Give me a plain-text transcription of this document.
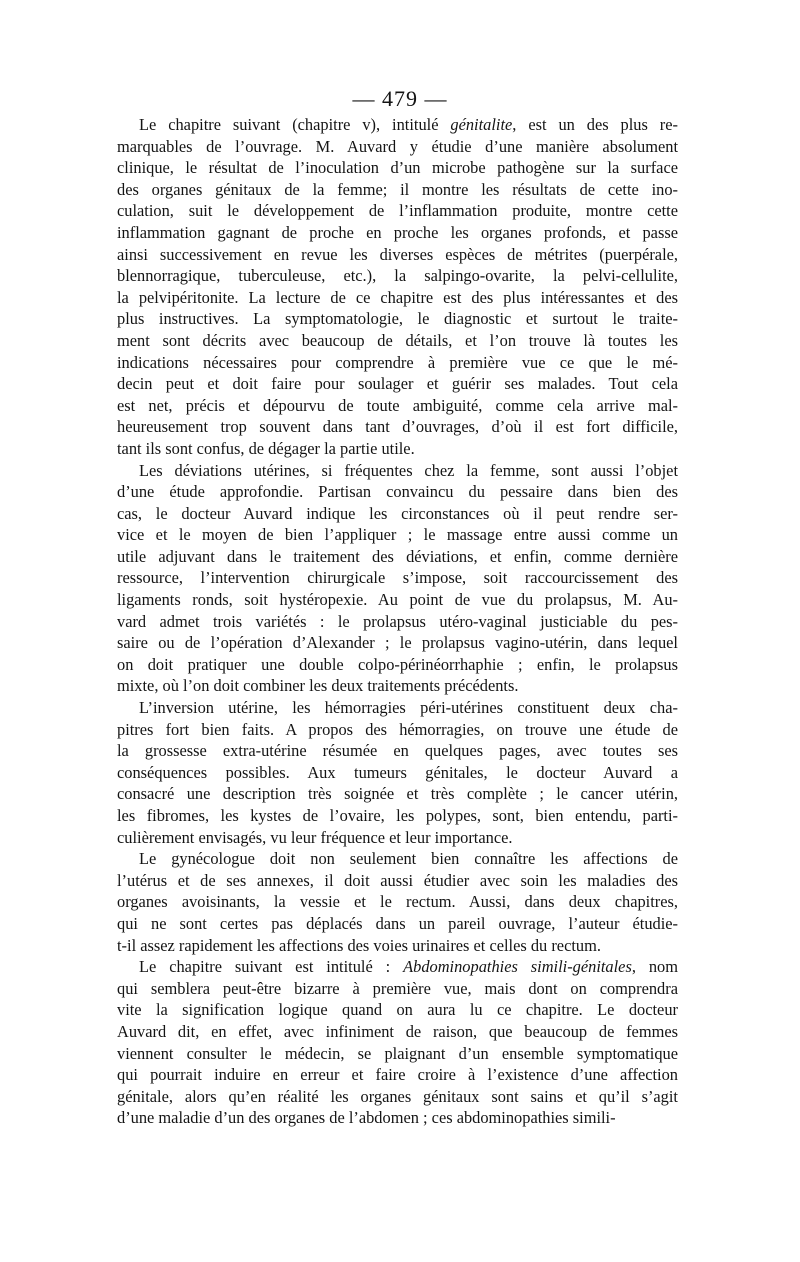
— 479 —
Le chapitre suivant (chapitre v), intitulé génitalite, est un des plus re-
marquables de l’ouvrage. M. Auvard y étudie d’une manière absolument
clinique, le résultat de l’inoculation d’un microbe pathogène sur la surface
des organes génitaux de la femme; il montre les résultats de cette ino-
culation, suit le développement de l’inflammation produite, montre cette
inflammation gagnant de proche en proche les organes profonds, et passe
ainsi successivement en revue les diverses espèces de métrites (puerpérale,
blennorragique, tuberculeuse, etc.), la salpingo-ovarite, la pelvi-cellulite,
la pelvipéritonite. La lecture de ce chapitre est des plus intéressantes et des
plus instructives. La symptomatologie, le diagnostic et surtout le traite-
ment sont décrits avec beaucoup de détails, et l’on trouve là toutes les
indications nécessaires pour comprendre à première vue ce que le mé-
decin peut et doit faire pour soulager et guérir ses malades. Tout cela
est net, précis et dépourvu de toute ambiguité, comme cela arrive mal-
heureusement trop souvent dans tant d’ouvrages, d’où il est fort difficile,
tant ils sont confus, de dégager la partie utile.
Les déviations utérines, si fréquentes chez la femme, sont aussi l’objet
d’une étude approfondie. Partisan convaincu du pessaire dans bien des
cas, le docteur Auvard indique les circonstances où il peut rendre ser-
vice et le moyen de bien l’appliquer ; le massage entre aussi comme un
utile adjuvant dans le traitement des déviations, et enfin, comme dernière
ressource, l’intervention chirurgicale s’impose, soit raccourcissement des
ligaments ronds, soit hystéropexie. Au point de vue du prolapsus, M. Au-
vard admet trois variétés : le prolapsus utéro-vaginal justiciable du pes-
saire ou de l’opération d’Alexander ; le prolapsus vagino-utérin, dans lequel
on doit pratiquer une double colpo-périnéorrhaphie ; enfin, le prolapsus
mixte, où l’on doit combiner les deux traitements précédents.
L’inversion utérine, les hémorragies péri-utérines constituent deux cha-
pitres fort bien faits. A propos des hémorragies, on trouve une étude de
la grossesse extra-utérine résumée en quelques pages, avec toutes ses
conséquences possibles. Aux tumeurs génitales, le docteur Auvard a
consacré une description très soignée et très complète ; le cancer utérin,
les fibromes, les kystes de l’ovaire, les polypes, sont, bien entendu, parti-
culièrement envisagés, vu leur fréquence et leur importance.
Le gynécologue doit non seulement bien connaître les affections de
l’utérus et de ses annexes, il doit aussi étudier avec soin les maladies des
organes avoisinants, la vessie et le rectum. Aussi, dans deux chapitres,
qui ne sont certes pas déplacés dans un pareil ouvrage, l’auteur étudie-
t-il assez rapidement les affections des voies urinaires et celles du rectum.
Le chapitre suivant est intitulé : Abdominopathies simili-génitales, nom
qui semblera peut-être bizarre à première vue, mais dont on comprendra
vite la signification logique quand on aura lu ce chapitre. Le docteur
Auvard dit, en effet, avec infiniment de raison, que beaucoup de femmes
viennent consulter le médecin, se plaignant d’un ensemble symptomatique
qui pourrait induire en erreur et faire croire à l’existence d’une affection
génitale, alors qu’en réalité les organes génitaux sont sains et qu’il s’agit
d’une maladie d’un des organes de l’abdomen ; ces abdominopathies simili-
